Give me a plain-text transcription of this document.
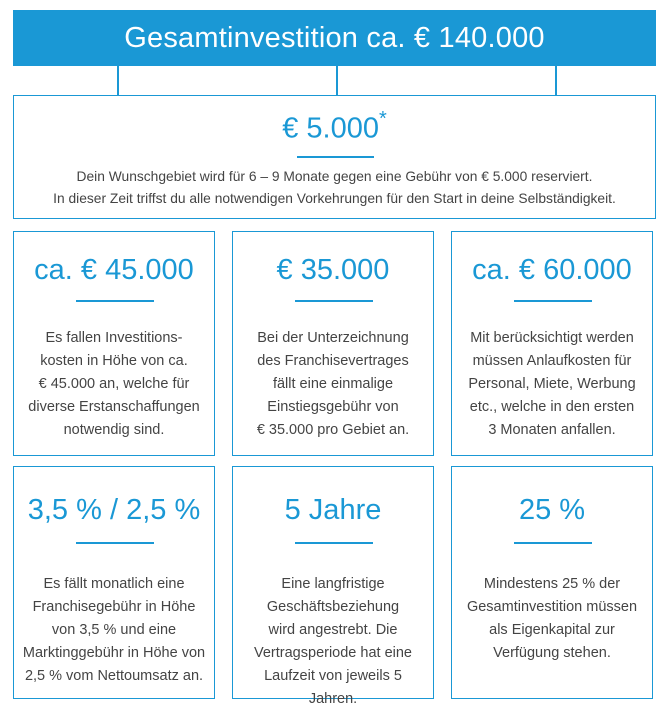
Gesamtinvestition ca. € 140.000
€ 5.000*
Dein Wunschgebiet wird für 6 – 9 Monate gegen eine Gebühr von € 5.000 reserviert.
In dieser Zeit triffst du alle notwendigen Vorkehrungen für den Start in deine Selbständigkeit.
ca. € 45.000
Es fallen Investitions-
kosten in Höhe von ca.
€ 45.000 an, welche für
diverse Erstanschaffungen
notwendig sind.
€ 35.000
Bei der Unterzeichnung
des Franchisevertrages
fällt eine einmalige
Einstiegsgebühr von
€ 35.000 pro Gebiet an.
ca. € 60.000
Mit berücksichtigt werden
müssen Anlaufkosten für
Personal, Miete, Werbung
etc., welche in den ersten
3 Monaten anfallen.
3,5 % / 2,5 %
Es fällt monatlich eine
Franchisegebühr in Höhe
von 3,5 % und eine
Marktinggebühr in Höhe von
2,5 % vom Nettoumsatz an.
5 Jahre
Eine langfristige
Geschäftsbeziehung
wird angestrebt. Die
Vertragsperiode hat eine
Laufzeit von jeweils 5 Jahren.
25 %
Mindestens 25 % der
Gesamtinvestition müssen
als Eigenkapital zur
Verfügung stehen.
